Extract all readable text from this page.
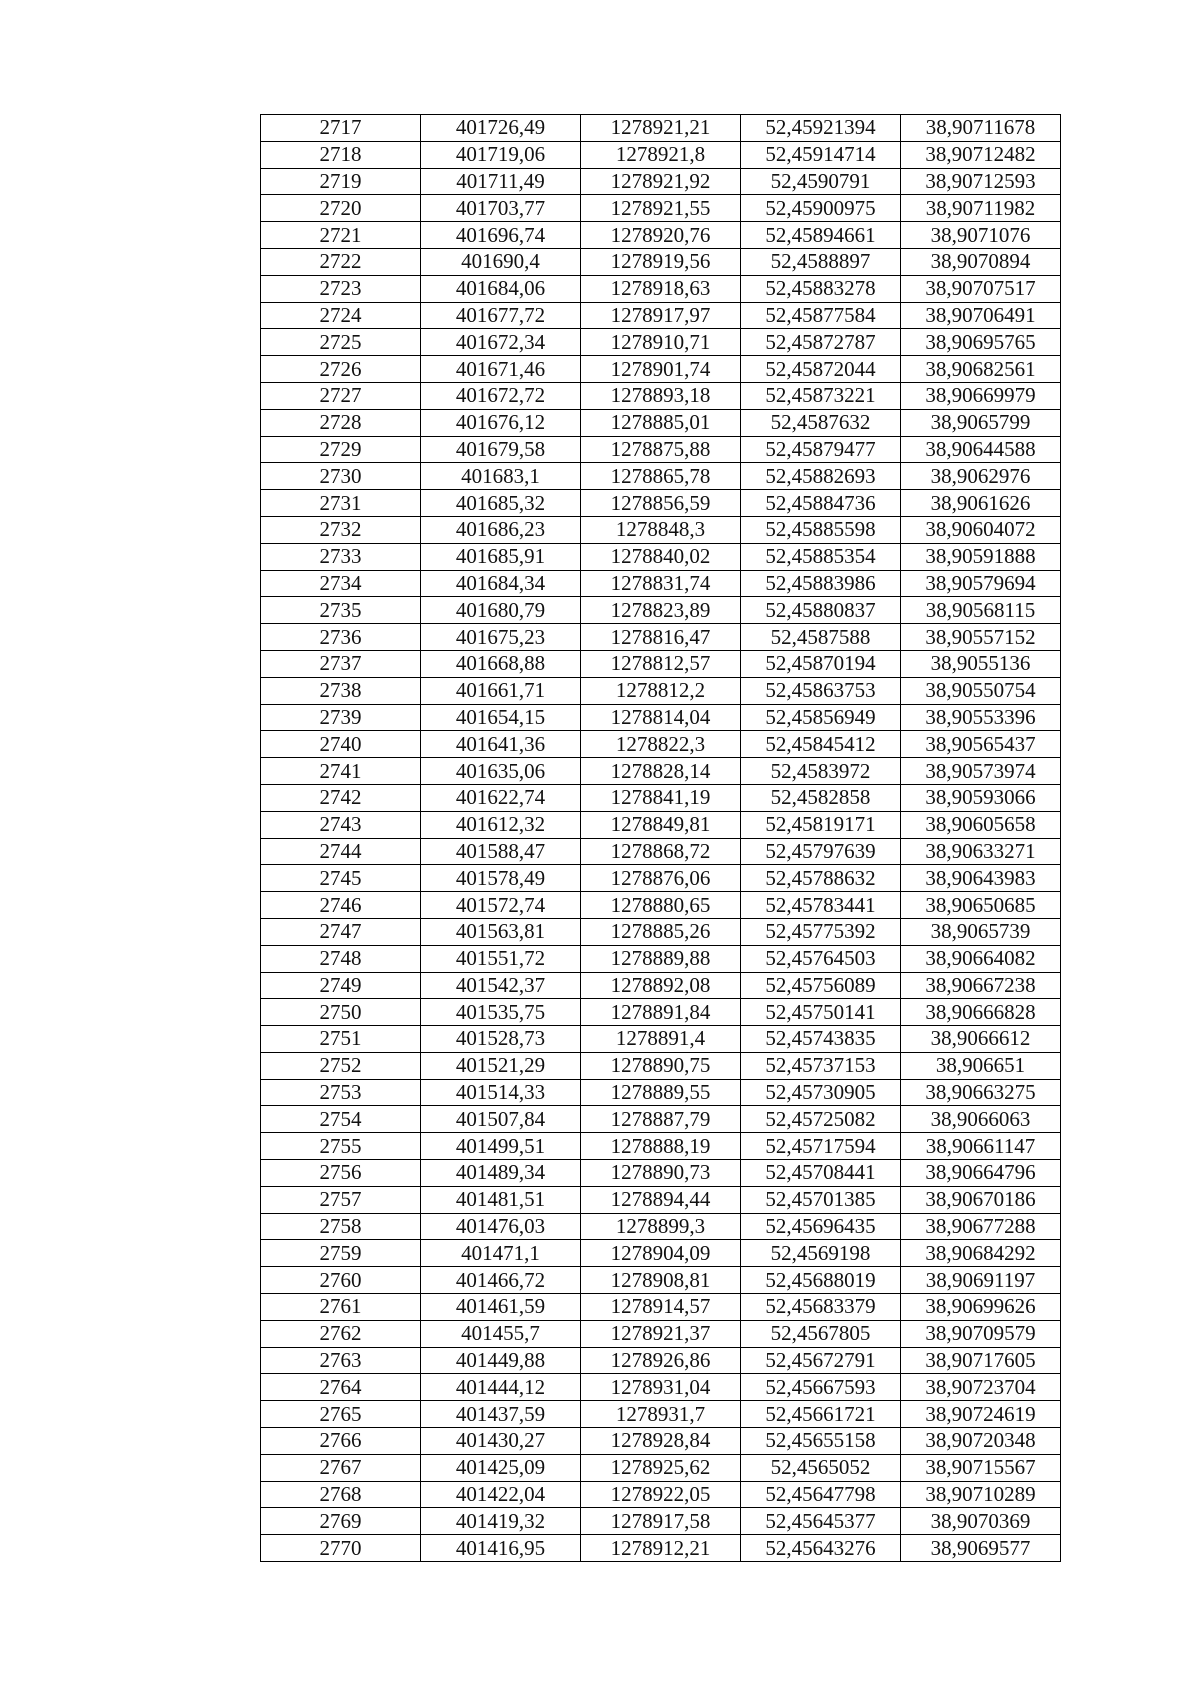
2717	401726,49	1278921,21	52,45921394	38,90711678
2718	401719,06	1278921,8	52,45914714	38,90712482
2719	401711,49	1278921,92	52,4590791	38,90712593
2720	401703,77	1278921,55	52,45900975	38,90711982
2721	401696,74	1278920,76	52,45894661	38,9071076
2722	401690,4	1278919,56	52,4588897	38,9070894
2723	401684,06	1278918,63	52,45883278	38,90707517
2724	401677,72	1278917,97	52,45877584	38,90706491
2725	401672,34	1278910,71	52,45872787	38,90695765
2726	401671,46	1278901,74	52,45872044	38,90682561
2727	401672,72	1278893,18	52,45873221	38,90669979
2728	401676,12	1278885,01	52,4587632	38,9065799
2729	401679,58	1278875,88	52,45879477	38,90644588
2730	401683,1	1278865,78	52,45882693	38,9062976
2731	401685,32	1278856,59	52,45884736	38,9061626
2732	401686,23	1278848,3	52,45885598	38,90604072
2733	401685,91	1278840,02	52,45885354	38,90591888
2734	401684,34	1278831,74	52,45883986	38,90579694
2735	401680,79	1278823,89	52,45880837	38,90568115
2736	401675,23	1278816,47	52,4587588	38,90557152
2737	401668,88	1278812,57	52,45870194	38,9055136
2738	401661,71	1278812,2	52,45863753	38,90550754
2739	401654,15	1278814,04	52,45856949	38,90553396
2740	401641,36	1278822,3	52,45845412	38,90565437
2741	401635,06	1278828,14	52,4583972	38,90573974
2742	401622,74	1278841,19	52,4582858	38,90593066
2743	401612,32	1278849,81	52,45819171	38,90605658
2744	401588,47	1278868,72	52,45797639	38,90633271
2745	401578,49	1278876,06	52,45788632	38,90643983
2746	401572,74	1278880,65	52,45783441	38,90650685
2747	401563,81	1278885,26	52,45775392	38,9065739
2748	401551,72	1278889,88	52,45764503	38,90664082
2749	401542,37	1278892,08	52,45756089	38,90667238
2750	401535,75	1278891,84	52,45750141	38,90666828
2751	401528,73	1278891,4	52,45743835	38,9066612
2752	401521,29	1278890,75	52,45737153	38,906651
2753	401514,33	1278889,55	52,45730905	38,90663275
2754	401507,84	1278887,79	52,45725082	38,9066063
2755	401499,51	1278888,19	52,45717594	38,90661147
2756	401489,34	1278890,73	52,45708441	38,90664796
2757	401481,51	1278894,44	52,45701385	38,90670186
2758	401476,03	1278899,3	52,45696435	38,90677288
2759	401471,1	1278904,09	52,4569198	38,90684292
2760	401466,72	1278908,81	52,45688019	38,90691197
2761	401461,59	1278914,57	52,45683379	38,90699626
2762	401455,7	1278921,37	52,4567805	38,90709579
2763	401449,88	1278926,86	52,45672791	38,90717605
2764	401444,12	1278931,04	52,45667593	38,90723704
2765	401437,59	1278931,7	52,45661721	38,90724619
2766	401430,27	1278928,84	52,45655158	38,90720348
2767	401425,09	1278925,62	52,4565052	38,90715567
2768	401422,04	1278922,05	52,45647798	38,90710289
2769	401419,32	1278917,58	52,45645377	38,9070369
2770	401416,95	1278912,21	52,45643276	38,9069577
